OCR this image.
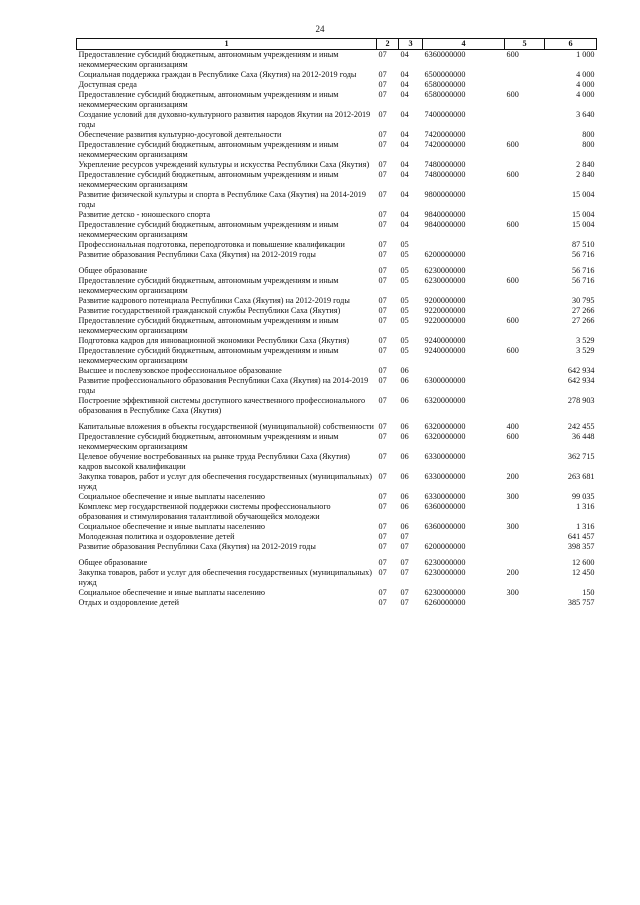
24
1	2	3	4	5	6
Предоставление субсидий бюджетным, автономным учреждениям и иным некоммерческим организациям	07	04	6360000000	600	1 000
Социальная поддержка граждан в Республике Саха (Якутия) на 2012-2019 годы	07	04	6500000000		4 000
Доступная среда	07	04	6580000000		4 000
Предоставление субсидий бюджетным, автономным учреждениям и иным некоммерческим организациям	07	04	6580000000	600	4 000
Создание условий для духовно-культурного развития народов Якутии на 2012-2019 годы	07	04	7400000000		3 640
Обеспечение развития культурно-досуговой деятельности	07	04	7420000000		800
Предоставление субсидий бюджетным, автономным учреждениям и иным некоммерческим организациям	07	04	7420000000	600	800
Укрепление ресурсов учреждений культуры и искусства Республики Саха (Якутия)	07	04	7480000000		2 840
Предоставление субсидий бюджетным, автономным учреждениям и иным некоммерческим организациям	07	04	7480000000	600	2 840
Развитие физической культуры и спорта в Республике Саха (Якутия) на 2014-2019 годы	07	04	9800000000		15 004
Развитие детско - юношеского спорта	07	04	9840000000		15 004
Предоставление субсидий бюджетным, автономным учреждениям и иным некоммерческим организациям	07	04	9840000000	600	15 004
Профессиональная подготовка, переподготовка и повышение квалификации	07	05			87 510
Развитие образования Республики Саха (Якутия) на 2012-2019 годы	07	05	6200000000		56 716
Общее образование	07	05	6230000000		56 716
Предоставление субсидий бюджетным, автономным учреждениям и иным некоммерческим организациям	07	05	6230000000	600	56 716
Развитие кадрового потенциала Республики Саха (Якутия) на 2012-2019 годы	07	05	9200000000		30 795
Развитие государственной гражданской службы Республики Саха (Якутия)	07	05	9220000000		27 266
Предоставление субсидий бюджетным, автономным учреждениям и иным некоммерческим организациям	07	05	9220000000	600	27 266
Подготовка кадров для инновационной экономики Республики Саха (Якутия)	07	05	9240000000		3 529
Предоставление субсидий бюджетным, автономным учреждениям и иным некоммерческим организациям	07	05	9240000000	600	3 529
Высшее и послевузовское профессиональное образование	07	06			642 934
Развитие профессионального образования Республики Саха (Якутия) на 2014-2019 годы	07	06	6300000000		642 934
Построение эффективной системы доступного качественного профессионального образования в Республике Саха (Якутия)	07	06	6320000000		278 903
Капитальные вложения в объекты государственной (муниципальной) собственности	07	06	6320000000	400	242 455
Предоставление субсидий бюджетным, автономным учреждениям и иным некоммерческим организациям	07	06	6320000000	600	36 448
Целевое обучение востребованных на рынке труда Республики Саха (Якутия) кадров высокой квалификации	07	06	6330000000		362 715
Закупка товаров, работ и услуг для обеспечения государственных (муниципальных) нужд	07	06	6330000000	200	263 681
Социальное обеспечение и иные выплаты населению	07	06	6330000000	300	99 035
Комплекс мер государственной поддержки системы профессионального образования и стимулирования талантливой обучающейся молодежи	07	06	6360000000		1 316
Социальное обеспечение и иные выплаты населению	07	06	6360000000	300	1 316
Молодежная политика и оздоровление детей	07	07			641 457
Развитие образования Республики Саха (Якутия) на 2012-2019 годы	07	07	6200000000		398 357
Общее образование	07	07	6230000000		12 600
Закупка товаров, работ и услуг для обеспечения государственных (муниципальных) нужд	07	07	6230000000	200	12 450
Социальное обеспечение и иные выплаты населению	07	07	6230000000	300	150
Отдых и оздоровление детей	07	07	6260000000		385 757
